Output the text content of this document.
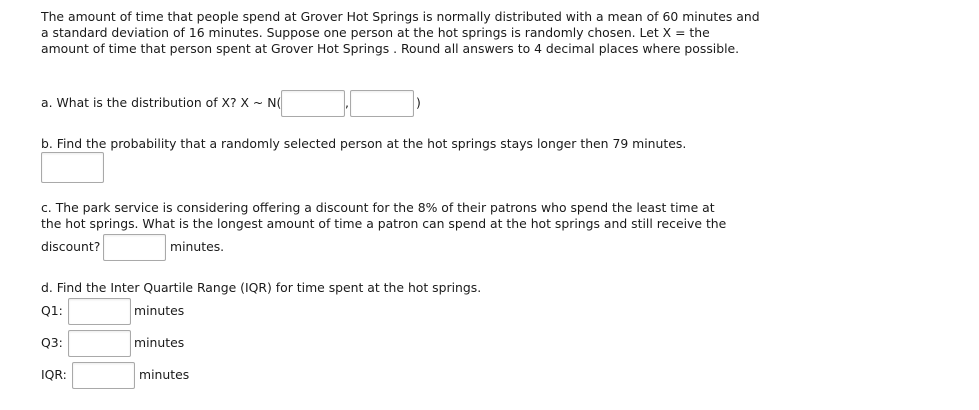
The amount of time that people spend at Grover Hot Springs is normally distributed with a mean of 60 minutes and a standard deviation of 16 minutes. Suppose one person at the hot springs is randomly chosen. Let X = the amount of time that person spent at Grover Hot Springs . Round all answers to 4 decimal places where possible.

a. What is the distribution of X? X ~ N(	,	)
b. Find the probability that a randomly selected person at the hot springs stays longer then 79 minutes.
c. The park service is considering offering a discount for the 8% of their patrons who spend the least time at
the hot springs. What is the longest amount of time a patron can spend at the hot springs and still receive the
discount?	minutes.
d. Find the Inter Quartile Range (IQR) for time spent at the hot springs.
Q1:	minutes
Q3:	minutes
IQR:	minutes
